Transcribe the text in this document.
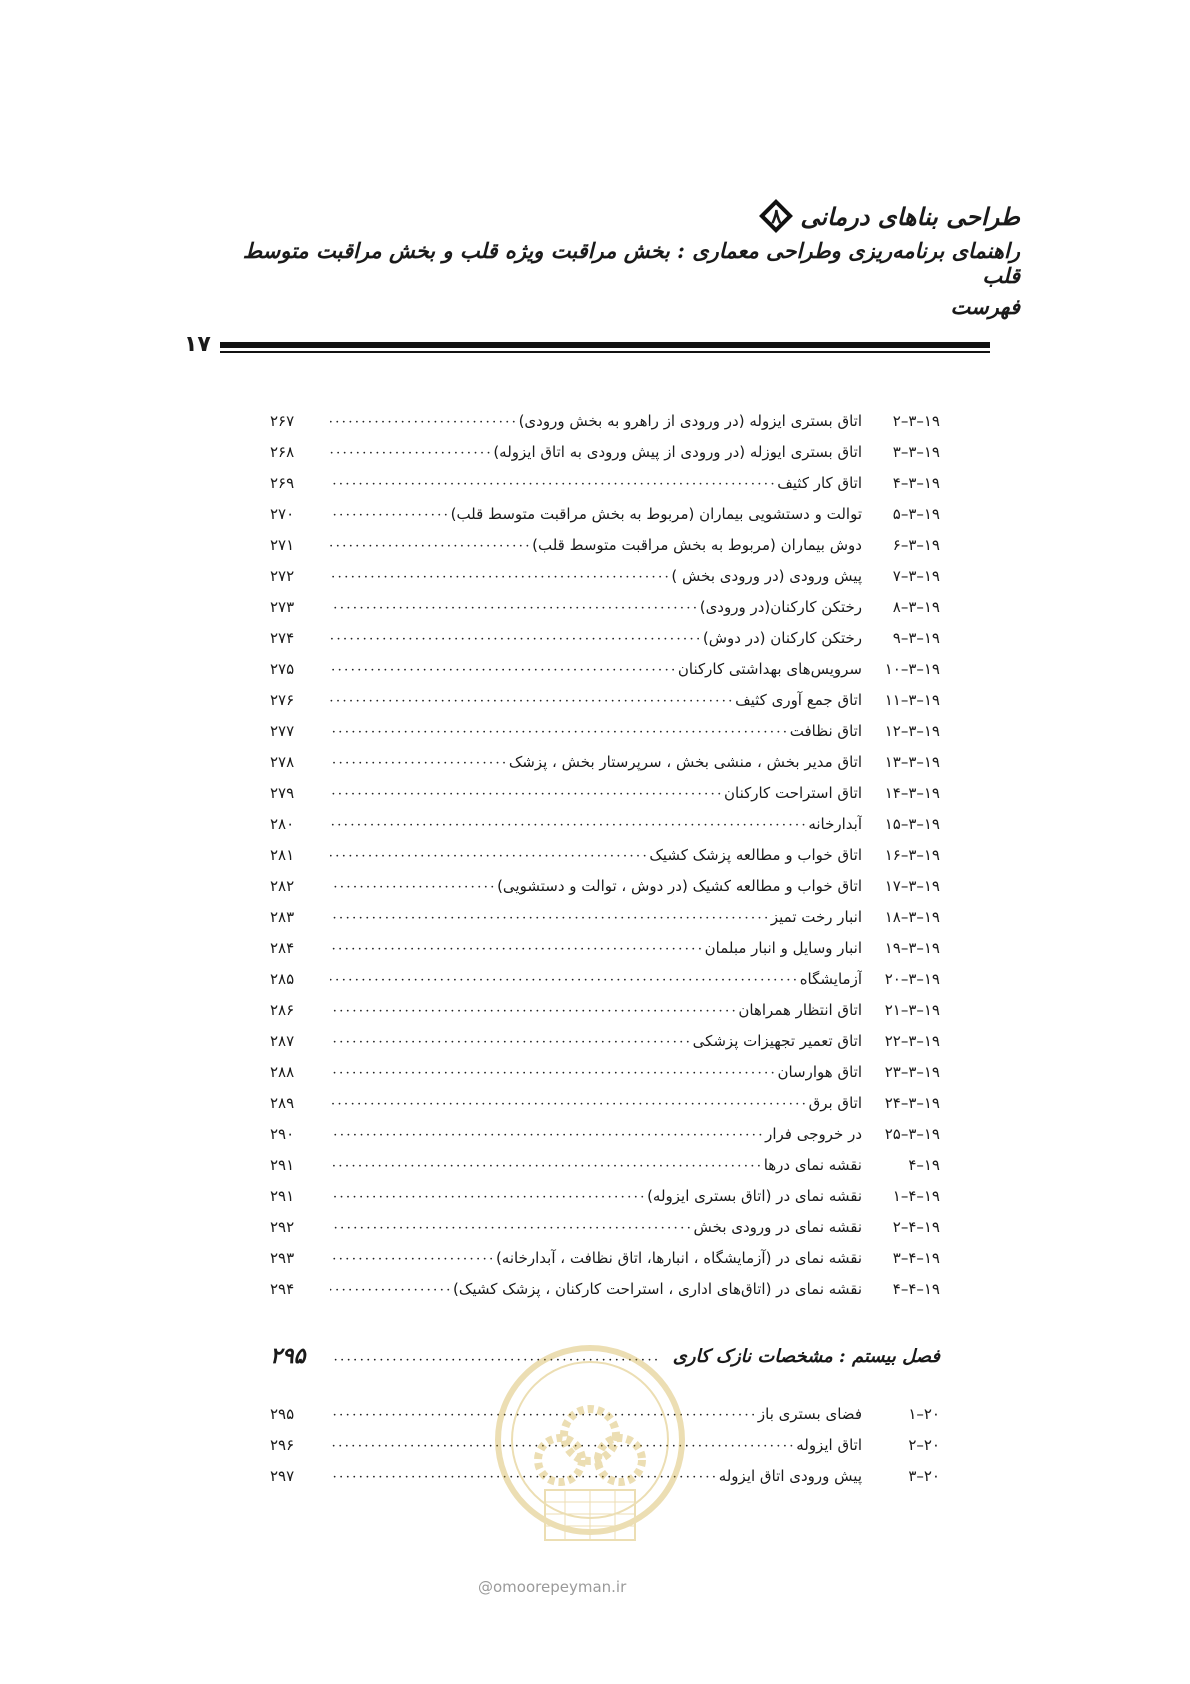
طراحی بناهای درمانی
۸
راهنمای برنامه‌ریزی وطراحی معماری : بخش مراقبت ویژه قلب و بخش مراقبت متوسط قلب
فهرست
۱۷
۱۹–۳–۲
اتاق بستری ایزوله (درِ ورودی از راهرو به بخش ورودی)
•••••
۲۶۷
۱۹–۳–۳
اتاق بستری ایوزله (درِ ورودی از پیش ورودی به اتاق ایزوله)
•••••
۲۶۸
۱۹–۳–۴
اتاق کار کثیف
•••••
۲۶۹
۱۹–۳–۵
توالت و دستشویی بیماران (مربوط به بخش مراقبت متوسط قلب)
•••••
۲۷۰
۱۹–۳–۶
دوش بیماران (مربوط به بخش مراقبت متوسط قلب)
•••••
۲۷۱
۱۹–۳–۷
پیش ورودی (درِ ورودی بخش )
•••••
۲۷۲
۱۹–۳–۸
رختکن کارکنان(درِ ورودی)
•••••
۲۷۳
۱۹–۳–۹
رختکن کارکنان (درِ دوش)
•••••
۲۷۴
۱۹–۳–۱۰
سرویس‌های بهداشتی کارکنان
•••••
۲۷۵
۱۹–۳–۱۱
اتاق جمع آوری کثیف
•••••
۲۷۶
۱۹–۳–۱۲
اتاق نظافت
•••••
۲۷۷
۱۹–۳–۱۳
اتاق مدیر بخش ، منشی بخش ، سرپرستار بخش ، پزشک
•••••
۲۷۸
۱۹–۳–۱۴
اتاق استراحت کارکنان
•••••
۲۷۹
۱۹–۳–۱۵
آبدارخانه
•••••
۲۸۰
۱۹–۳–۱۶
اتاق خواب و مطالعه پزشک کشیک
•••••
۲۸۱
۱۹–۳–۱۷
اتاق خواب و مطالعه کشیک (درِ دوش ، توالت و دستشویی)
•••••
۲۸۲
۱۹–۳–۱۸
انبار رخت تمیز
•••••
۲۸۳
۱۹–۳–۱۹
انبار وسایل و انبار مبلمان
•••••
۲۸۴
۱۹–۳–۲۰
آزمایشگاه
•••••
۲۸۵
۱۹–۳–۲۱
اتاق انتظار همراهان
•••••
۲۸۶
۱۹–۳–۲۲
اتاق تعمیر تجهیزات پزشکی
•••••
۲۸۷
۱۹–۳–۲۳
اتاق هوارسان
•••••
۲۸۸
۱۹–۳–۲۴
اتاق برق
•••••
۲۸۹
۱۹–۳–۲۵
درِ خروجی فرار
•••••
۲۹۰
۱۹–۴
نقشه نمای درها
•••••
۲۹۱
۱۹–۴–۱
نقشه نمای در (اتاق بستری ایزوله)
•••••
۲۹۱
۱۹–۴–۲
نقشه نمای درِ ورودی بخش
•••••
۲۹۲
۱۹–۴–۳
نقشه نمای در (آزمایشگاه ، انبارها، اتاق نظافت ، آبدارخانه)
•••••
۲۹۳
۱۹–۴–۴
نقشه نمای در (اتاق‌های اداری ، استراحت کارکنان ، پزشک کشیک)
•••••
۲۹۴
فصل بیستم : مشخصات نازک کاری
•••••
۲۹۵
۲۰–۱
فضای بستری باز
•••••
۲۹۵
۲۰–۲
اتاق ایزوله
•••••
۲۹۶
۲۰–۳
پیش ورودی اتاق ایزوله
•••••
۲۹۷
@omoorepeyman.ir
